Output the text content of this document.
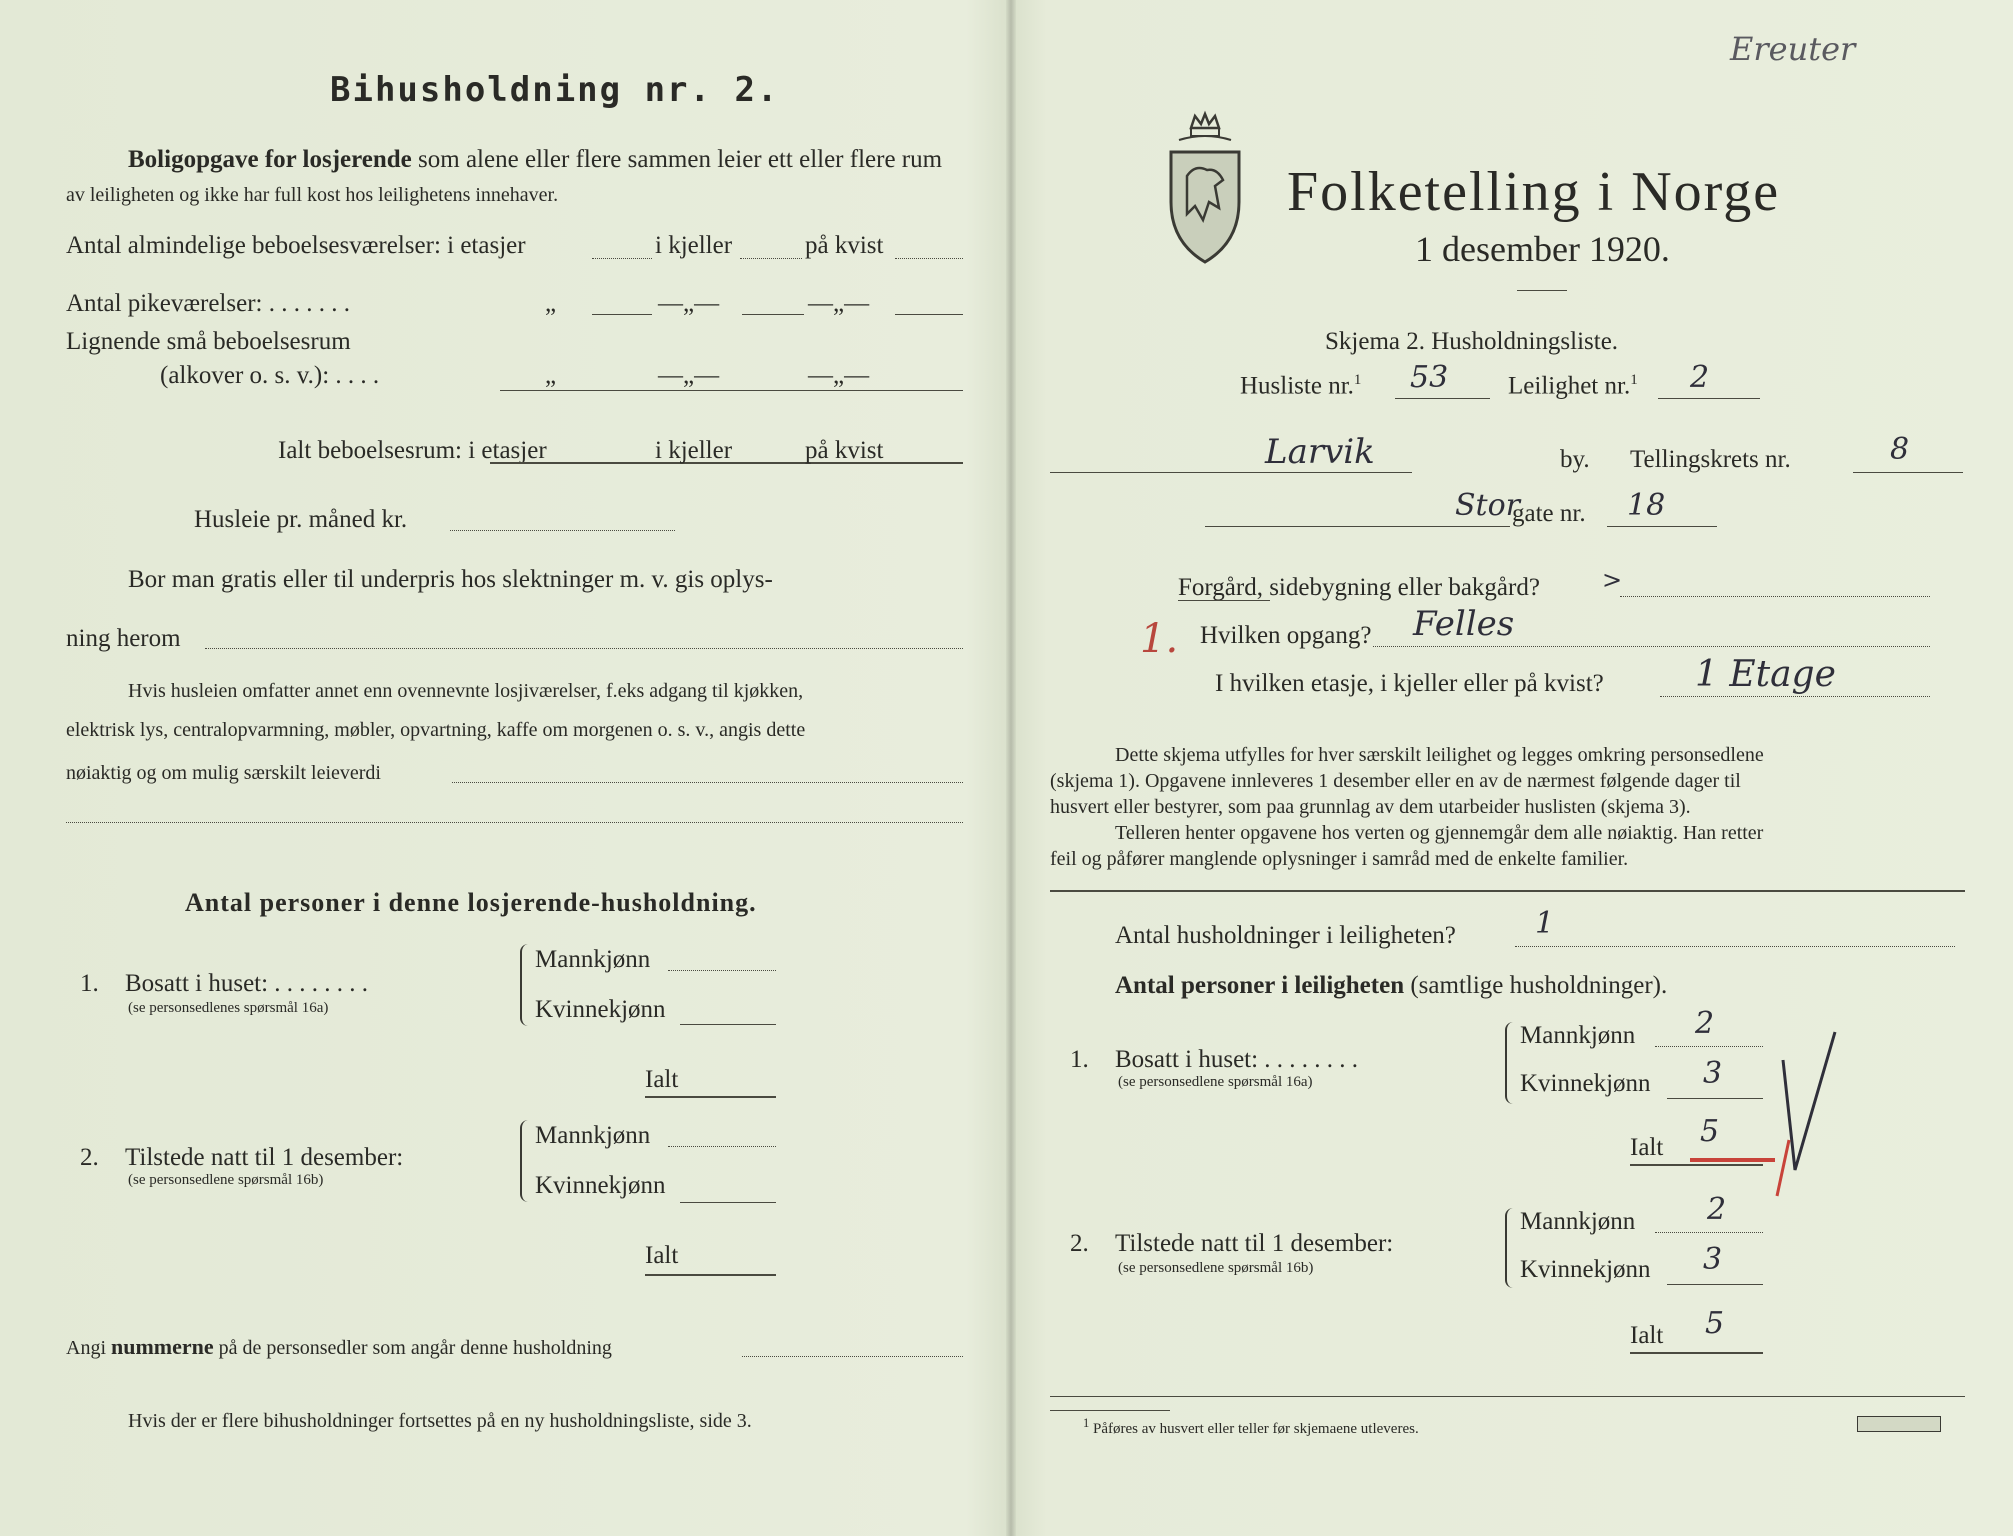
Bihusholdning nr. 2.
Boligopgave for losjerende som alene eller flere sammen leier ett eller flere rum
av leiligheten og ikke har full kost hos leilighetens innehaver.
Antal almindelige beboelsesværelser: i etasjer	i kjeller	på kvist
Antal pikeværelser: . . . . . . .	„	—„—	—„—
Lignende små beboelsesrum
(alkover o. s. v.): . . . .	„	—„—	—„—
Ialt beboelsesrum: i etasjer	i kjeller	på kvist
Husleie pr. måned kr.
Bor man gratis eller til underpris hos slektninger m. v. gis oplys-
ning herom
Hvis husleien omfatter annet enn ovennevnte losjiværelser, f.eks adgang til kjøkken,
elektrisk lys, centralopvarmning, møbler, opvartning, kaffe om morgenen o. s. v., angis dette
nøiaktig og om mulig særskilt leieverdi
Antal personer i denne losjerende-husholdning.
1. Bosatt i huset: . . . . . . . .
(se personsedlenes spørsmål 16a)
Mannkjønn
Kvinnekjønn
Ialt
2. Tilstede natt til 1 desember:
(se personsedlene spørsmål 16b)
Mannkjønn
Kvinnekjønn
Ialt
Angi nummerne på de personsedler som angår denne husholdning
Hvis der er flere bihusholdninger fortsettes på en ny husholdningsliste, side 3.
Folketelling i Norge
1 desember 1920.
Skjema 2. Husholdningsliste.
Husliste nr.$^1$ 53 Leilighet nr.$^1$ 2
Larvik	by. Tellingskrets nr.	8
Stor
gate nr. 18
Forgård, sidebygning eller bakgård?	>
1. Hvilken opgang? Felles
I hvilken etasje, i kjeller eller på kvist?	1 Etage
Dette skjema utfylles for hver særskilt leilighet og legges omkring personsedlene
(skjema 1). Opgavene innleveres 1 desember eller en av de nærmest følgende dager til
husvert eller bestyrer, som paa grunnlag av dem utarbeider huslisten (skjema 3).
Telleren henter opgavene hos verten og gjennemgår dem alle nøiaktig. Han retter
feil og påfører manglende oplysninger i samråd med de enkelte familier.
Antal husholdninger i leiligheten?	1
Antal personer i leiligheten (samtlige husholdninger).
1. Bosatt i huset: . . . . . . . .
(se personsedlene spørsmål 16a)
Mannkjønn 2
Kvinnekjønn 3
Ialt 5
2. Tilstede natt til 1 desember:
(se personsedlene spørsmål 16b)
Mannkjønn 2
Kvinnekjønn 3
Ialt 5
$^1$ Påføres av husvert eller teller før skjemaene utleveres.
Ereuter
